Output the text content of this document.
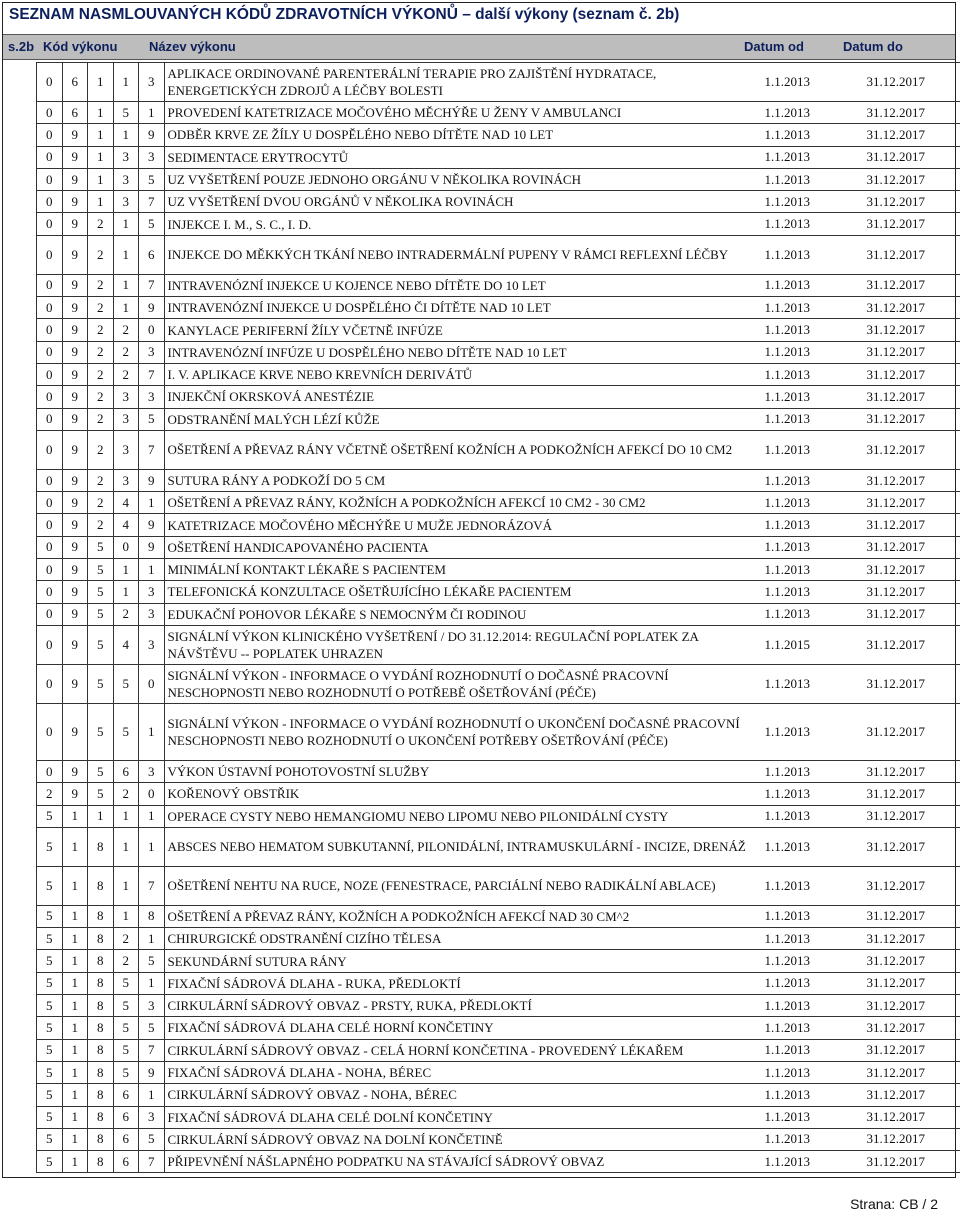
SEZNAM NASMLOUVANÝCH KÓDŮ ZDRAVOTNÍCH VÝKONŮ – další výkony (seznam č. 2b)
s.2b Kód výkonu Název výkonu	Datum od	Datum do
0	6	1	1	3	APLIKACE ORDINOVANÉ PARENTERÁLNÍ TERAPIE PRO ZAJIŠTĚNÍ HYDRATACE, ENERGETICKÝCH ZDROJŮ A LÉČBY BOLESTI	1.1.2013	31.12.2017
0	6	1	5	1	PROVEDENÍ KATETRIZACE MOČOVÉHO MĚCHÝŘE U ŽENY V AMBULANCI	1.1.2013	31.12.2017
0	9	1	1	9	ODBĚR KRVE ZE ŽÍLY U DOSPĚLÉHO NEBO DÍTĚTE NAD 10 LET	1.1.2013	31.12.2017
0	9	1	3	3	SEDIMENTACE ERYTROCYTŮ	1.1.2013	31.12.2017
0	9	1	3	5	UZ VYŠETŘENÍ POUZE JEDNOHO ORGÁNU V NĚKOLIKA ROVINÁCH	1.1.2013	31.12.2017
0	9	1	3	7	UZ VYŠETŘENÍ DVOU ORGÁNŮ V NĚKOLIKA ROVINÁCH	1.1.2013	31.12.2017
0	9	2	1	5	INJEKCE I. M., S. C., I. D.	1.1.2013	31.12.2017
0	9	2	1	6	INJEKCE DO MĚKKÝCH TKÁNÍ NEBO INTRADERMÁLNÍ PUPENY V RÁMCI REFLEXNÍ LÉČBY	1.1.2013	31.12.2017
0	9	2	1	7	INTRAVENÓZNÍ INJEKCE U KOJENCE NEBO DÍTĚTE DO 10 LET	1.1.2013	31.12.2017
0	9	2	1	9	INTRAVENÓZNÍ INJEKCE U DOSPĚLÉHO ČI DÍTĚTE NAD 10 LET	1.1.2013	31.12.2017
0	9	2	2	0	KANYLACE PERIFERNÍ ŽÍLY VČETNĚ INFÚZE	1.1.2013	31.12.2017
0	9	2	2	3	INTRAVENÓZNÍ INFÚZE U DOSPĚLÉHO NEBO DÍTĚTE NAD 10 LET	1.1.2013	31.12.2017
0	9	2	2	7	I. V. APLIKACE KRVE NEBO KREVNÍCH DERIVÁTŮ	1.1.2013	31.12.2017
0	9	2	3	3	INJEKČNÍ OKRSKOVÁ ANESTÉZIE	1.1.2013	31.12.2017
0	9	2	3	5	ODSTRANĚNÍ MALÝCH LÉZÍ KŮŽE	1.1.2013	31.12.2017
0	9	2	3	7	OŠETŘENÍ A PŘEVAZ RÁNY VČETNĚ OŠETŘENÍ KOŽNÍCH A PODKOŽNÍCH AFEKCÍ DO 10 CM2	1.1.2013	31.12.2017
0	9	2	3	9	SUTURA RÁNY A PODKOŽÍ DO 5 CM	1.1.2013	31.12.2017
0	9	2	4	1	OŠETŘENÍ A PŘEVAZ RÁNY, KOŽNÍCH A PODKOŽNÍCH AFEKCÍ 10 CM2 - 30 CM2	1.1.2013	31.12.2017
0	9	2	4	9	KATETRIZACE MOČOVÉHO MĚCHÝŘE U MUŽE JEDNORÁZOVÁ	1.1.2013	31.12.2017
0	9	5	0	9	OŠETŘENÍ HANDICAPOVANÉHO PACIENTA	1.1.2013	31.12.2017
0	9	5	1	1	MINIMÁLNÍ KONTAKT LÉKAŘE S PACIENTEM	1.1.2013	31.12.2017
0	9	5	1	3	TELEFONICKÁ KONZULTACE OŠETŘUJÍCÍHO LÉKAŘE PACIENTEM	1.1.2013	31.12.2017
0	9	5	2	3	EDUKAČNÍ POHOVOR LÉKAŘE S NEMOCNÝM ČI RODINOU	1.1.2013	31.12.2017
0	9	5	4	3	SIGNÁLNÍ VÝKON KLINICKÉHO VYŠETŘENÍ / DO 31.12.2014: REGULAČNÍ POPLATEK ZA NÁVŠTĚVU -- POPLATEK UHRAZEN	1.1.2015	31.12.2017
0	9	5	5	0	SIGNÁLNÍ VÝKON - INFORMACE O VYDÁNÍ ROZHODNUTÍ O DOČASNÉ PRACOVNÍ NESCHOPNOSTI NEBO ROZHODNUTÍ O POTŘEBĚ OŠETŘOVÁNÍ (PÉČE)	1.1.2013	31.12.2017
0	9	5	5	1	SIGNÁLNÍ VÝKON - INFORMACE O VYDÁNÍ ROZHODNUTÍ O UKONČENÍ DOČASNÉ PRACOVNÍ NESCHOPNOSTI NEBO ROZHODNUTÍ O UKONČENÍ POTŘEBY OŠETŘOVÁNÍ (PÉČE)	1.1.2013	31.12.2017
0	9	5	6	3	VÝKON ÚSTAVNÍ POHOTOVOSTNÍ SLUŽBY	1.1.2013	31.12.2017
2	9	5	2	0	KOŘENOVÝ OBSTŘIK	1.1.2013	31.12.2017
5	1	1	1	1	OPERACE CYSTY NEBO HEMANGIOMU NEBO LIPOMU NEBO PILONIDÁLNÍ CYSTY	1.1.2013	31.12.2017
5	1	8	1	1	ABSCES NEBO HEMATOM SUBKUTANNÍ, PILONIDÁLNÍ, INTRAMUSKULÁRNÍ - INCIZE, DRENÁŽ	1.1.2013	31.12.2017
5	1	8	1	7	OŠETŘENÍ NEHTU NA RUCE, NOZE (FENESTRACE, PARCIÁLNÍ NEBO RADIKÁLNÍ ABLACE)	1.1.2013	31.12.2017
5	1	8	1	8	OŠETŘENÍ A PŘEVAZ RÁNY, KOŽNÍCH A PODKOŽNÍCH AFEKCÍ NAD 30 CM^2	1.1.2013	31.12.2017
5	1	8	2	1	CHIRURGICKÉ ODSTRANĚNÍ CIZÍHO TĚLESA	1.1.2013	31.12.2017
5	1	8	2	5	SEKUNDÁRNÍ SUTURA RÁNY	1.1.2013	31.12.2017
5	1	8	5	1	FIXAČNÍ SÁDROVÁ DLAHA - RUKA, PŘEDLOKTÍ	1.1.2013	31.12.2017
5	1	8	5	3	CIRKULÁRNÍ SÁDROVÝ OBVAZ - PRSTY, RUKA, PŘEDLOKTÍ	1.1.2013	31.12.2017
5	1	8	5	5	FIXAČNÍ SÁDROVÁ DLAHA CELÉ HORNÍ KONČETINY	1.1.2013	31.12.2017
5	1	8	5	7	CIRKULÁRNÍ SÁDROVÝ OBVAZ - CELÁ HORNÍ KONČETINA - PROVEDENÝ LÉKAŘEM	1.1.2013	31.12.2017
5	1	8	5	9	FIXAČNÍ SÁDROVÁ DLAHA - NOHA, BÉREC	1.1.2013	31.12.2017
5	1	8	6	1	CIRKULÁRNÍ SÁDROVÝ OBVAZ - NOHA, BÉREC	1.1.2013	31.12.2017
5	1	8	6	3	FIXAČNÍ SÁDROVÁ DLAHA CELÉ DOLNÍ KONČETINY	1.1.2013	31.12.2017
5	1	8	6	5	CIRKULÁRNÍ SÁDROVÝ OBVAZ NA DOLNÍ KONČETINĚ	1.1.2013	31.12.2017
5	1	8	6	7	PŘIPEVNĚNÍ NÁŠLAPNÉHO PODPATKU NA STÁVAJÍCÍ SÁDROVÝ OBVAZ	1.1.2013	31.12.2017
Strana: CB / 2
